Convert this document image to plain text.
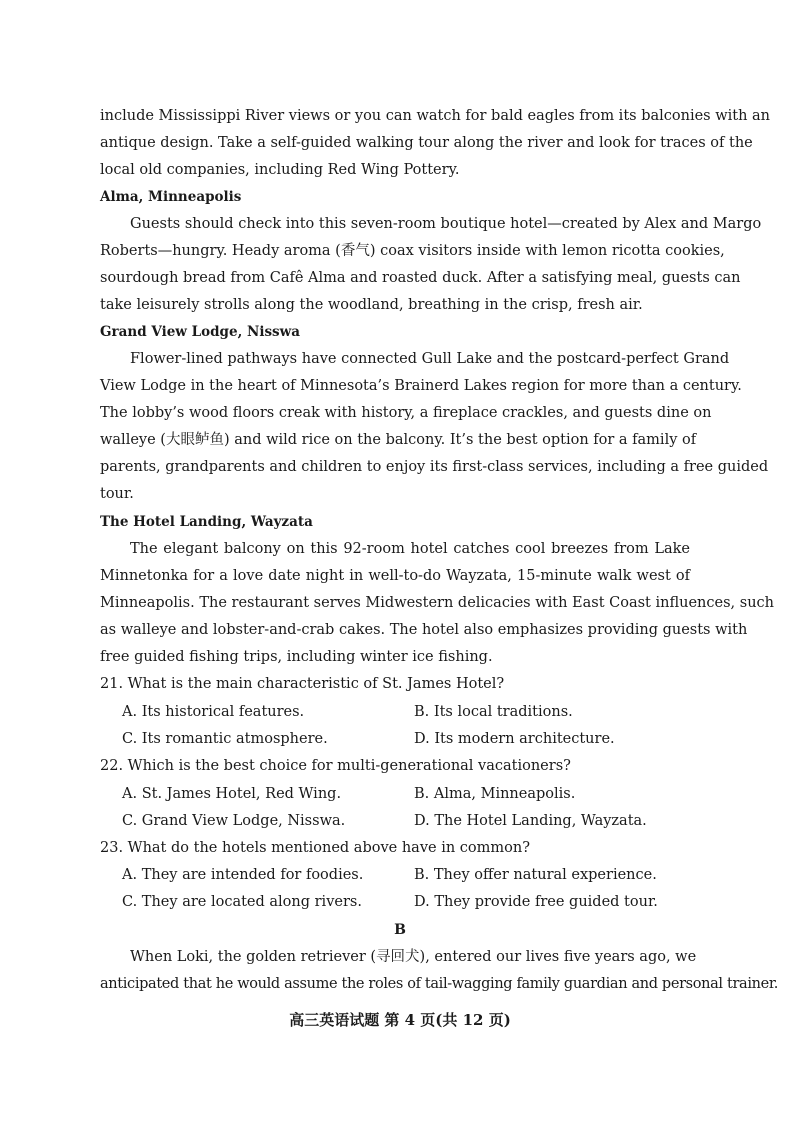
include Mississippi River views or you can watch for bald eagles from its balconies with an
antique design. Take a self-guided walking tour along the river and look for traces of the
local old companies, including Red Wing Pottery.
Alma, Minneapolis
Guests should check into this seven-room boutique hotel—created by Alex and Margo
Roberts—hungry. Heady aroma (香气) coax visitors inside with lemon ricotta cookies,
sourdough bread from Cafê Alma and roasted duck. After a satisfying meal, guests can
take leisurely strolls along the woodland, breathing in the crisp, fresh air.
Grand View Lodge, Nisswa
Flower-lined pathways have connected Gull Lake and the postcard-perfect Grand
View Lodge in the heart of Minnesota’s Brainerd Lakes region for more than a century.
The lobby’s wood floors creak with history, a fireplace crackles, and guests dine on
walleye (大眼鲈鱼) and wild rice on the balcony. It’s the best option for a family of
parents, grandparents and children to enjoy its first-class services, including a free guided
tour.
The Hotel Landing, Wayzata
The elegant balcony on this 92-room hotel catches cool breezes from Lake
Minnetonka for a love date night in well-to-do Wayzata, 15-minute walk west of
Minneapolis. The restaurant serves Midwestern delicacies with East Coast influences, such
as walleye and lobster-and-crab cakes. The hotel also emphasizes providing guests with
free guided fishing trips, including winter ice fishing.
21. What is the main characteristic of St. James Hotel?
A. Its historical features.	B. Its local traditions.
C. Its romantic atmosphere.	D. Its modern architecture.
22. Which is the best choice for multi-generational vacationers?
A. St. James Hotel, Red Wing.	B. Alma, Minneapolis.
C. Grand View Lodge, Nisswa.	D. The Hotel Landing, Wayzata.
23. What do the hotels mentioned above have in common?
A. They are intended for foodies.	B. They offer natural experience.
C. They are located along rivers.	D. They provide free guided tour.
B
When Loki, the golden retriever (寻回犬), entered our lives five years ago, we
anticipated that he would assume the roles of tail-wagging family guardian and personal trainer.
高三英语试题 第 4 页(共 12 页)
